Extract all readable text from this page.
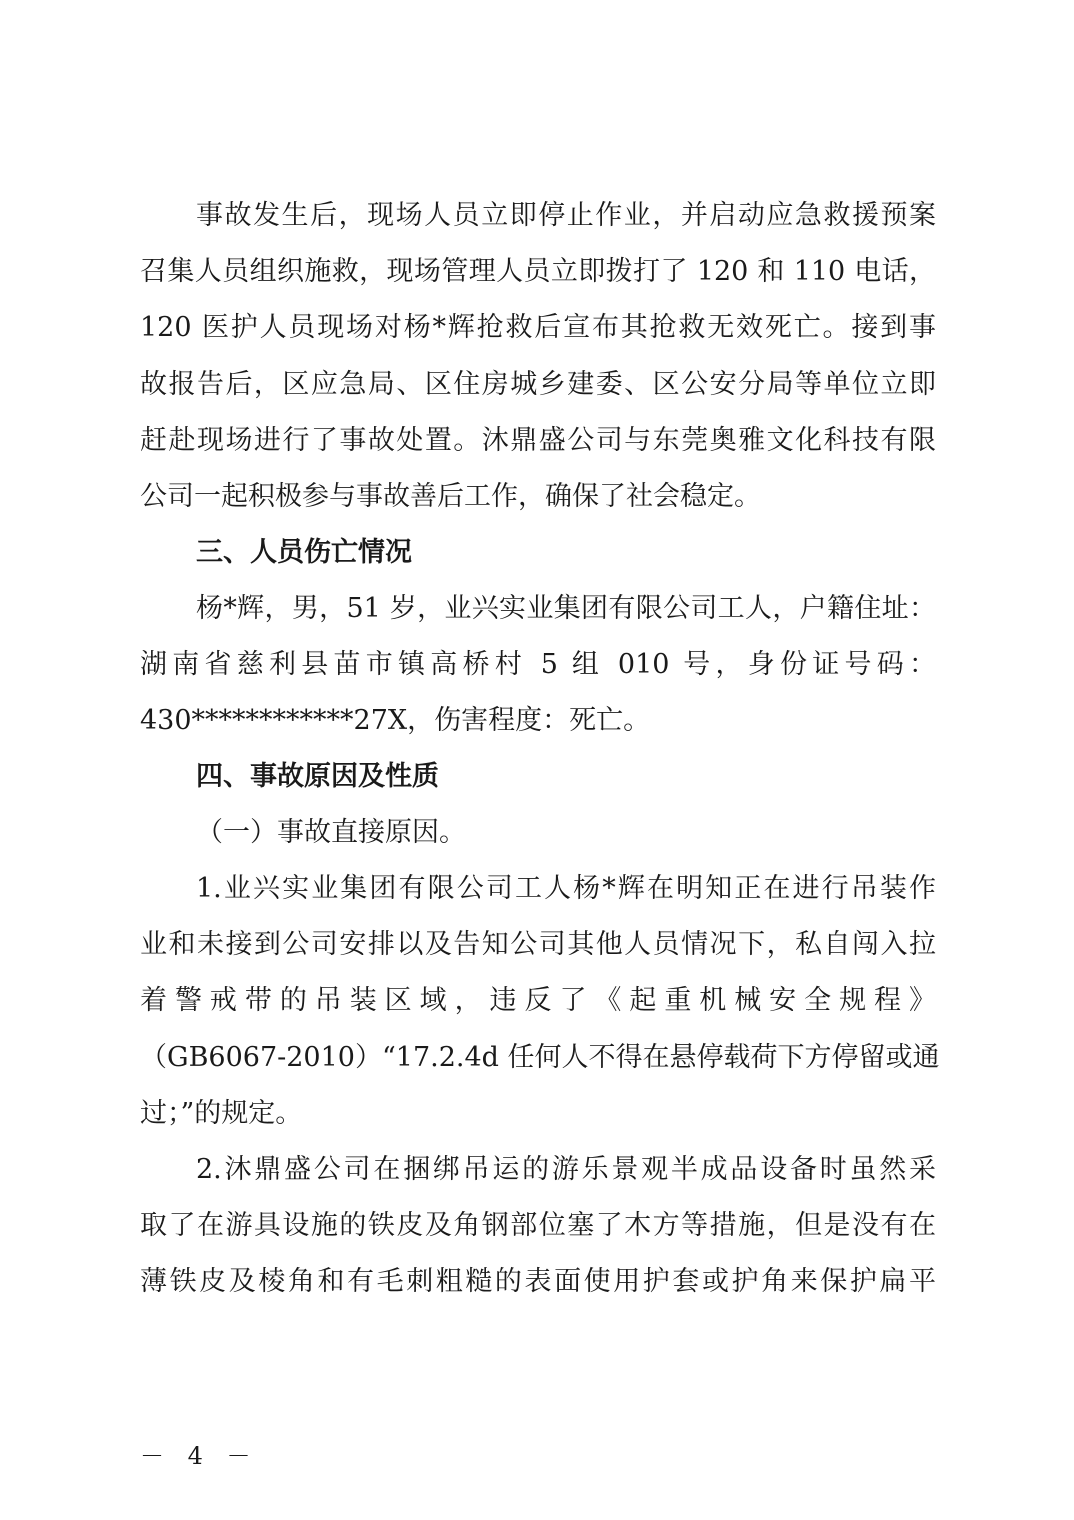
事故发生后，现场人员立即停止作业，并启动应急救援预案
召集人员组织施救，现场管理人员立即拨打了 120 和 110 电话，
120 医护人员现场对杨*辉抢救后宣布其抢救无效死亡。接到事
故报告后，区应急局、区住房城乡建委、区公安分局等单位立即
赶赴现场进行了事故处置。沐鼎盛公司与东莞奥雅文化科技有限
公司一起积极参与事故善后工作，确保了社会稳定。
三、人员伤亡情况
杨*辉，男，51 岁，业兴实业集团有限公司工人，户籍住址：
湖南省慈利县苗市镇高桥村 5 组 010 号，身份证号码：
430************27X，伤害程度：死亡。
四、事故原因及性质
（一）事故直接原因。
1.业兴实业集团有限公司工人杨*辉在明知正在进行吊装作
业和未接到公司安排以及告知公司其他人员情况下，私自闯入拉
着警戒带的吊装区域，违反了《起重机械安全规程》
（GB6067-2010）“17.2.4d 任何人不得在悬停载荷下方停留或通
过；”的规定。
2.沐鼎盛公司在捆绑吊运的游乐景观半成品设备时虽然采
取了在游具设施的铁皮及角钢部位塞了木方等措施，但是没有在
薄铁皮及棱角和有毛刺粗糙的表面使用护套或护角来保护扁平
－ 4 －
